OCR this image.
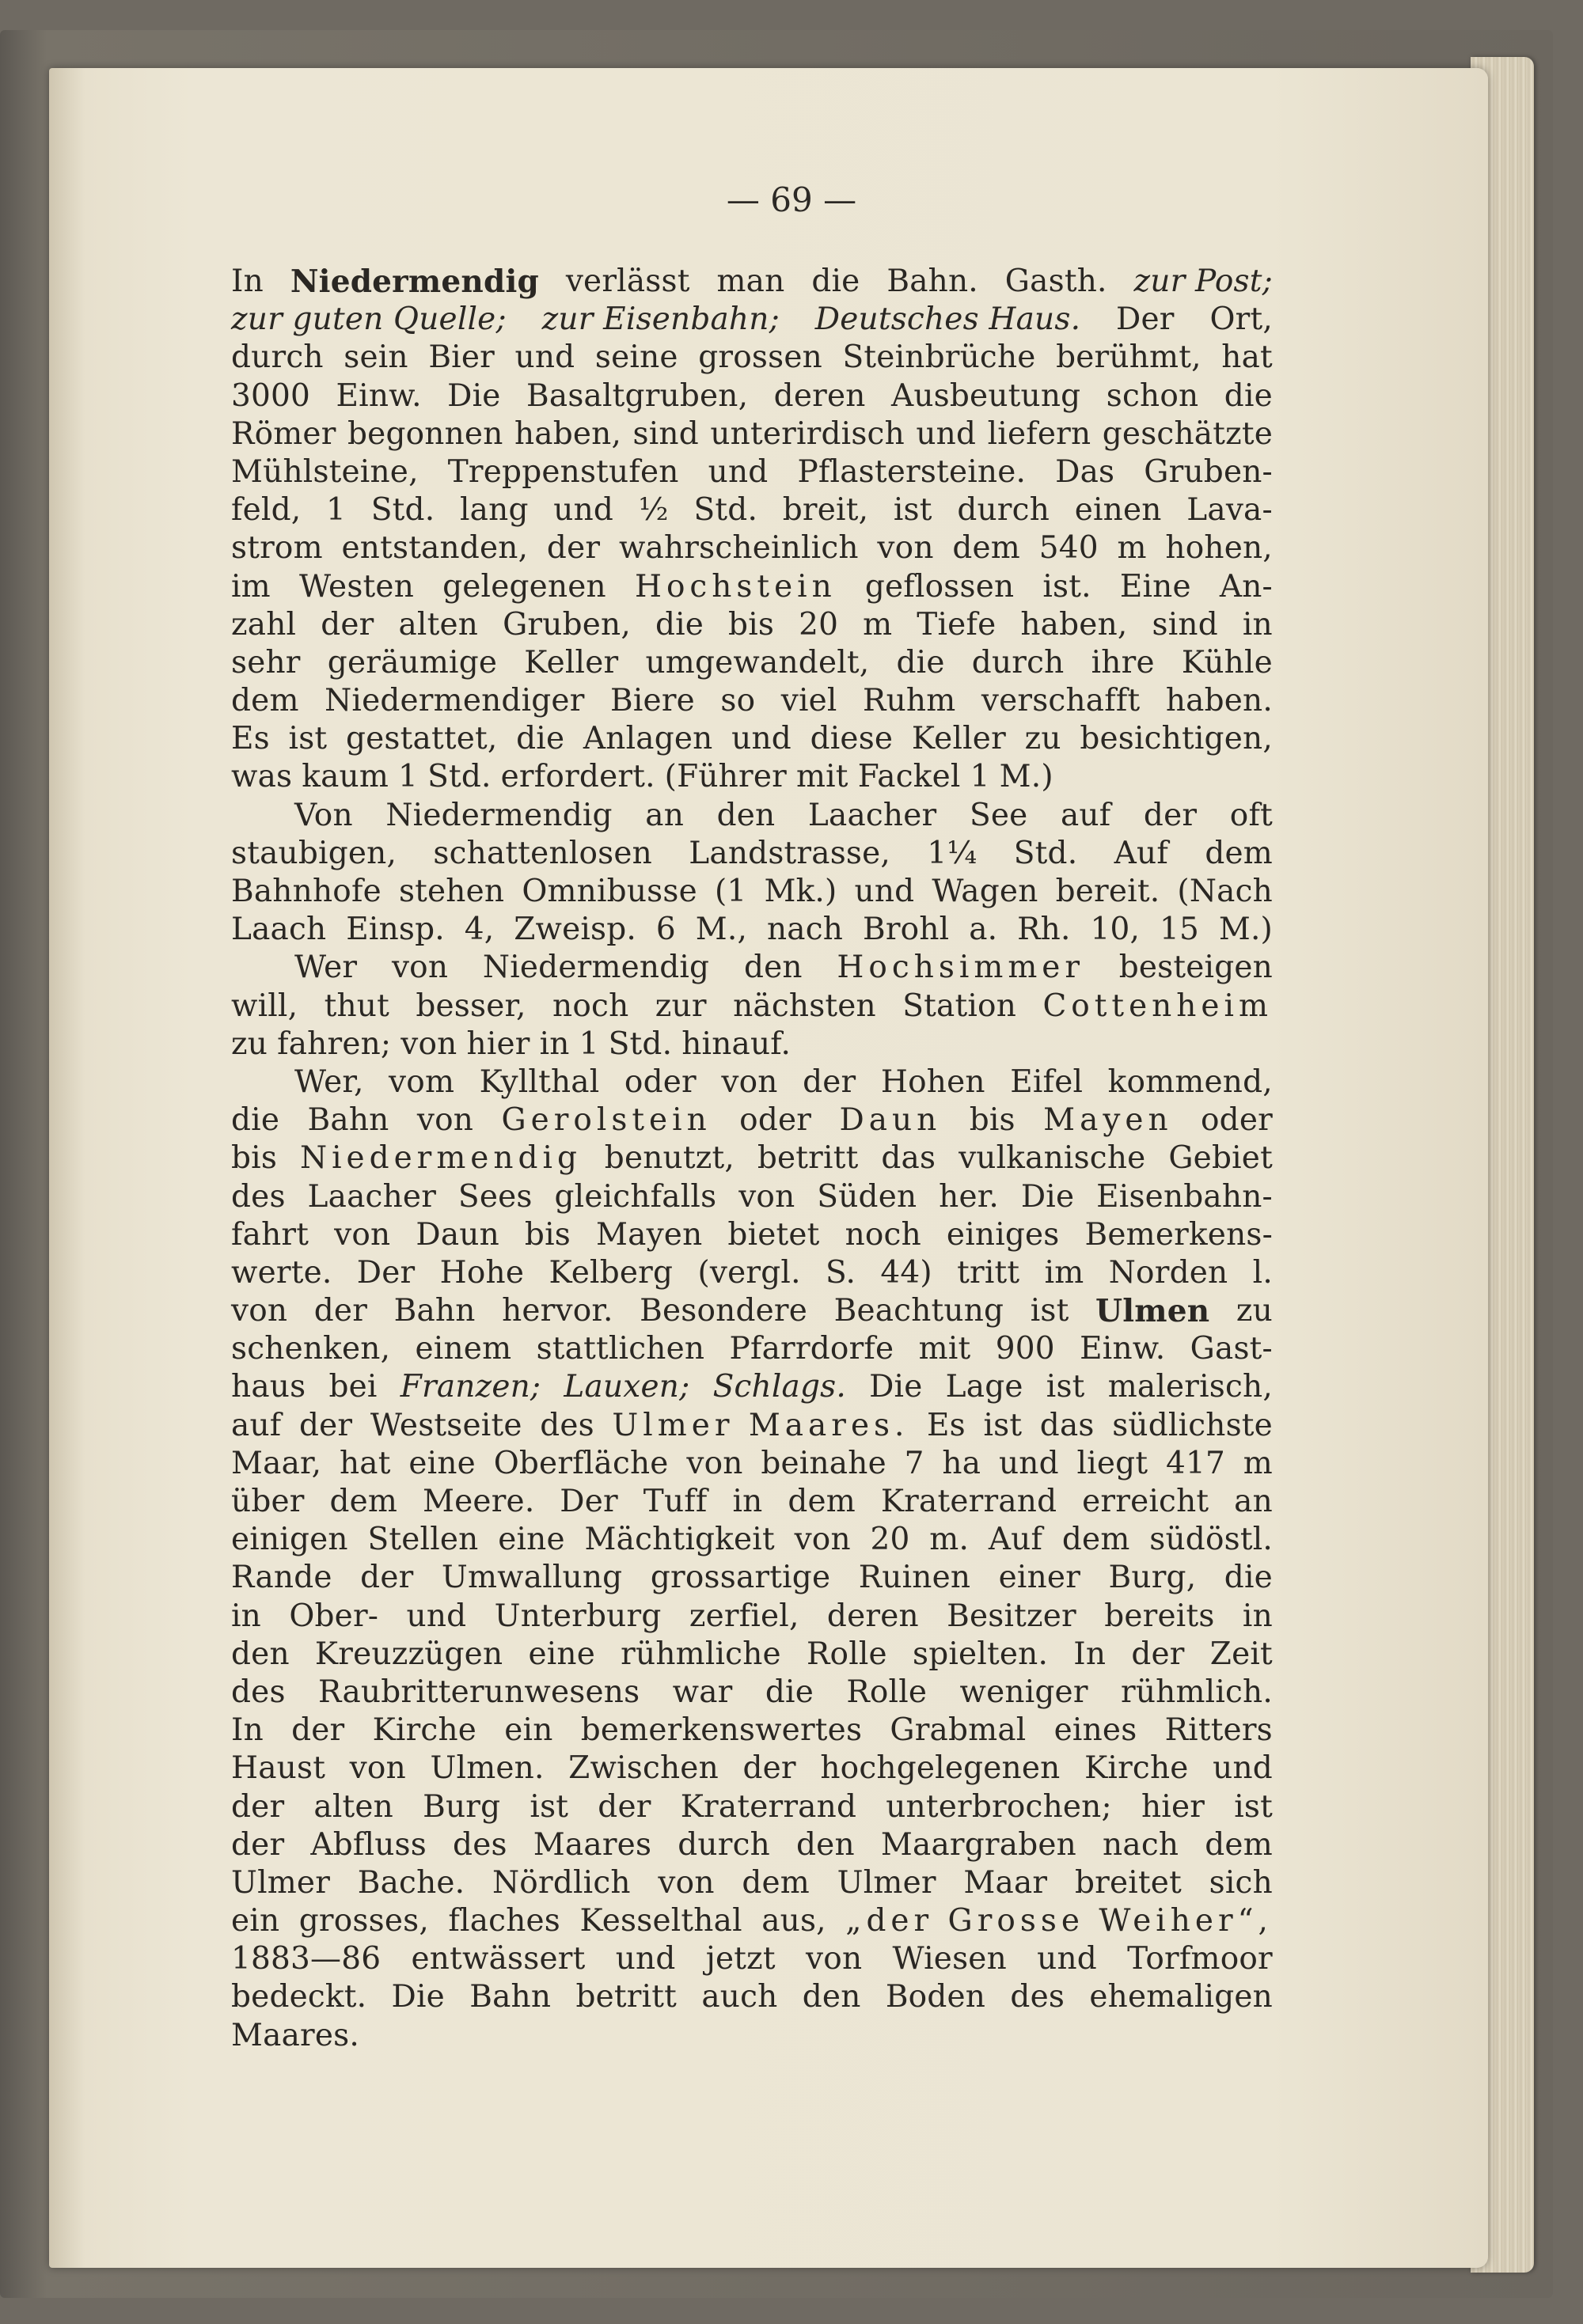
— 69 —
In Niedermendig verlässt man die Bahn. Gasth. zur Post;
zur guten Quelle; zur Eisenbahn; Deutsches Haus. Der Ort,
durch sein Bier und seine grossen Steinbrüche berühmt, hat
3000 Einw. Die Basaltgruben, deren Ausbeutung schon die
Römer begonnen haben, sind unterirdisch und liefern geschätzte
Mühlsteine, Treppenstufen und Pflastersteine. Das Gruben-
feld, 1 Std. lang und ½ Std. breit, ist durch einen Lava-
strom entstanden, der wahrscheinlich von dem 540 m hohen,
im Westen gelegenen Hochstein geflossen ist. Eine An-
zahl der alten Gruben, die bis 20 m Tiefe haben, sind in
sehr geräumige Keller umgewandelt, die durch ihre Kühle
dem Niedermendiger Biere so viel Ruhm verschafft haben.
Es ist gestattet, die Anlagen und diese Keller zu besichtigen,
was kaum 1 Std. erfordert. (Führer mit Fackel 1 M.)
Von Niedermendig an den Laacher See auf der oft
staubigen, schattenlosen Landstrasse, 1¼ Std. Auf dem
Bahnhofe stehen Omnibusse (1 Mk.) und Wagen bereit. (Nach
Laach Einsp. 4, Zweisp. 6 M., nach Brohl a. Rh. 10, 15 M.)
Wer von Niedermendig den Hochsimmer besteigen
will, thut besser, noch zur nächsten Station Cottenheim
zu fahren; von hier in 1 Std. hinauf.
Wer, vom Kyllthal oder von der Hohen Eifel kommend,
die Bahn von Gerolstein oder Daun bis Mayen oder
bis Niedermendig benutzt, betritt das vulkanische Gebiet
des Laacher Sees gleichfalls von Süden her. Die Eisenbahn-
fahrt von Daun bis Mayen bietet noch einiges Bemerkens-
werte. Der Hohe Kelberg (vergl. S. 44) tritt im Norden l.
von der Bahn hervor. Besondere Beachtung ist Ulmen zu
schenken, einem stattlichen Pfarrdorfe mit 900 Einw. Gast-
haus bei Franzen; Lauxen; Schlags. Die Lage ist malerisch,
auf der Westseite des Ulmer Maares. Es ist das südlichste
Maar, hat eine Oberfläche von beinahe 7 ha und liegt 417 m
über dem Meere. Der Tuff in dem Kraterrand erreicht an
einigen Stellen eine Mächtigkeit von 20 m. Auf dem südöstl.
Rande der Umwallung grossartige Ruinen einer Burg, die
in Ober- und Unterburg zerfiel, deren Besitzer bereits in
den Kreuzzügen eine rühmliche Rolle spielten. In der Zeit
des Raubritterunwesens war die Rolle weniger rühmlich.
In der Kirche ein bemerkenswertes Grabmal eines Ritters
Haust von Ulmen. Zwischen der hochgelegenen Kirche und
der alten Burg ist der Kraterrand unterbrochen; hier ist
der Abfluss des Maares durch den Maargraben nach dem
Ulmer Bache. Nördlich von dem Ulmer Maar breitet sich
ein grosses, flaches Kesselthal aus, „der Grosse Weiher“,
1883—86 entwässert und jetzt von Wiesen und Torfmoor
bedeckt. Die Bahn betritt auch den Boden des ehemaligen
Maares.
